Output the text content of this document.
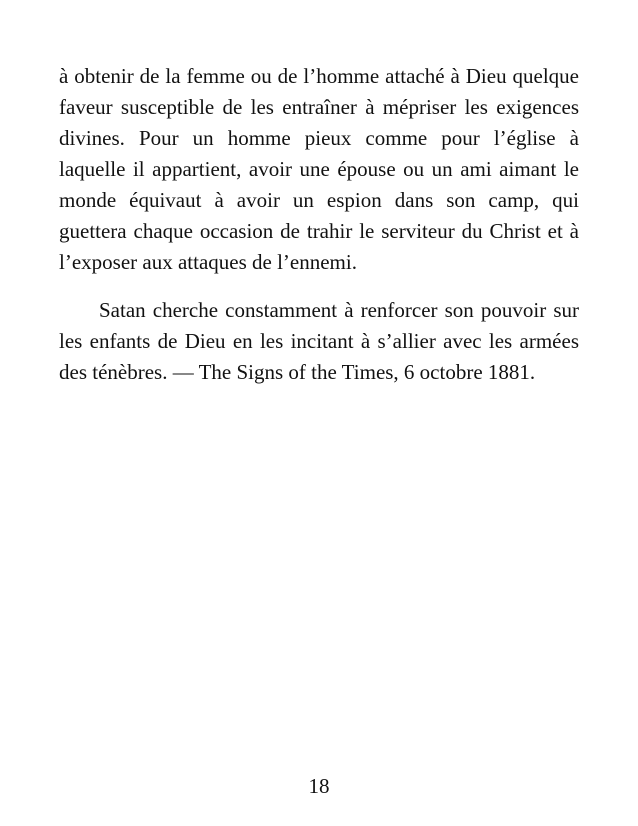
à obtenir de la femme ou de l’homme attaché à Dieu quelque faveur susceptible de les entraîner à mépriser les exigences divines. Pour un homme pieux comme pour l’église à laquelle il appartient, avoir une épouse ou un ami aimant le monde équivaut à avoir un espion dans son camp, qui guettera chaque occasion de trahir le serviteur du Christ et à l’exposer aux attaques de l’ennemi.

Satan cherche constamment à renforcer son pouvoir sur les enfants de Dieu en les incitant à s’allier avec les armées des ténèbres. — The Signs of the Times, 6 octobre 1881.

18
